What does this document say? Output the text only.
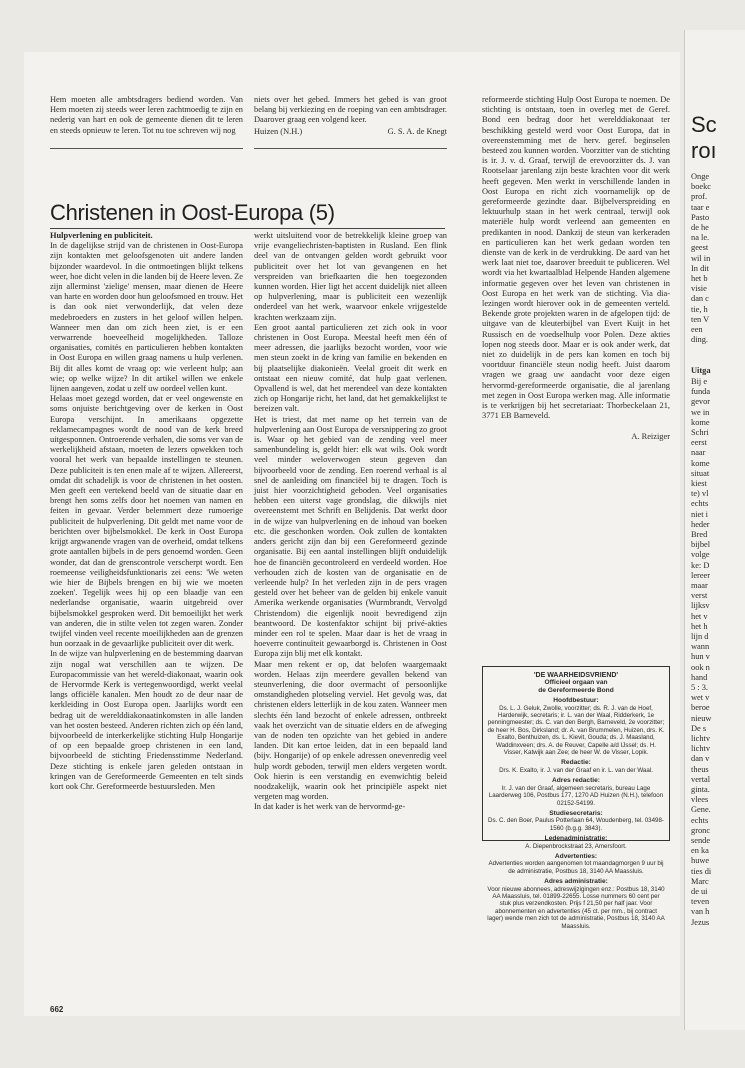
Hem moeten alle ambtsdragers bediend worden. Van Hem moeten zij steeds weer leren zachtmoedig te zijn en nederig van hart en ook de gemeente dienen dit te leren en steeds opnieuw te leren. Tot nu toe schreven wij nog

niets over het gebed. Immers het gebed is van groot belang bij verkiezing en de roeping van een ambtsdrager. Daarover graag een volgend keer.

Huizen (N.H.)	G. S. A. de Knegt
Christenen in Oost-Europa (5)

Hulpverlening en publiciteit.

In de dagelijkse strijd van de christenen in Oost-Europa zijn kontakten met geloofsgenoten uit andere landen bijzonder waardevol. In die ontmoetingen blijkt telkens weer, hoe dicht velen in die landen bij de Heere leven. Ze zijn allerminst 'zielige' mensen, maar dienen de Heere van harte en worden door hun geloofsmoed en trouw. Het is dan ook niet verwonderlijk, dat velen deze medebroeders en zusters in het geloof willen helpen. Wanneer men dan om zich heen ziet, is er een verwarrende hoeveelheid mogelijkheden. Talloze organisaties, comités en particulieren hebben kontakten in Oost Europa en willen graag namens u hulp verlenen. Bij dit alles komt de vraag op: wie verleent hulp; aan wie; op welke wijze? In dit artikel willen we enkele lijnen aangeven, zodat u zelf uw oordeel vellen kunt.

Helaas moet gezegd worden, dat er veel ongewenste en soms onjuiste berichtgeving over de kerken in Oost Europa verschijnt. In amerikaans opgezette reklamecampagnes wordt de nood van de kerk breed uitgesponnen. Ontroerende verhalen, die soms ver van de werkelijkheid afstaan, moeten de lezers opwekken toch vooral het werk van bepaalde instellingen te steunen. Deze publiciteit is ten enen male af te wijzen. Allereerst, omdat dit schadelijk is voor de christenen in het oosten. Men geeft een vertekend beeld van de situatie daar en brengt hen soms zelfs door het noemen van namen en feiten in gevaar. Verder belemmert deze rumoerige publiciteit de hulpverlening. Dit geldt met name voor de berichten over bijbelsmokkel. De kerk in Oost Europa krijgt argwanende vragen van de overheid, omdat telkens grote aantallen bijbels in de pers genoemd worden. Geen wonder, dat dan de grenscontrole verscherpt wordt. Een roemeense veiligheidsfunktionaris zei eens: 'We weten wie hier de Bijbels brengen en bij wie we moeten zoeken'. Tegelijk wees hij op een blaadje van een nederlandse organisatie, waarin uitgebreid over bijbelsmokkel gesproken werd. Dit bemoeilijkt het werk van anderen, die in stilte velen tot zegen waren. Zonder twijfel vinden veel recente moeilijkheden aan de grenzen hun oorzaak in de gevaarlijke publiciteit over dit werk.

In de wijze van hulpverlening en de bestemming daarvan zijn nogal wat verschillen aan te wijzen. De Europacommissie van het wereld-diakonaat, waarin ook de Hervormde Kerk is vertegenwoordigd, werkt veelal langs officiële kanalen. Men houdt zo de deur naar de kerkleiding in Oost Europa open. Jaarlijks wordt een bedrag uit de werelddiakonaatinkomsten in alle landen van het oosten besteed. Anderen richten zich op één land, bijvoorbeeld de interkerkelijke stichting Hulp Hongarije of op een bepaalde groep christenen in een land, bijvoorbeeld de stichting Friedensstimme Nederland. Deze stichting is enkele jaren geleden ontstaan in kringen van de Gereformeerde Gemeenten en telt sinds kort ook Chr. Gereformeerde bestuursleden. Men

werkt uitsluitend voor de betrekkelijk kleine groep van vrije evangeliechristen-baptisten in Rusland. Een flink deel van de ontvangen gelden wordt gebruikt voor publiciteit over het lot van gevangenen en het verspreiden van briefkaarten die hen toegezonden kunnen worden. Hier ligt het accent duidelijk niet alleen op hulpverlening, maar is publiciteit een wezenlijk onderdeel van het werk, waarvoor enkele vrijgestelde krachten werkzaam zijn.

Een groot aantal particulieren zet zich ook in voor christenen in Oost Europa. Meestal heeft men één of meer adressen, die jaarlijks bezocht worden, voor wie men steun zoekt in de kring van familie en bekenden en bij plaatselijke diakonieën. Veelal groeit dit werk en ontstaat een nieuw comité, dat hulp gaat verlenen. Opvallend is wel, dat het merendeel van deze kontakten zich op Hongarije richt, het land, dat het gemakkelijkst te bereizen valt.

Het is triest, dat met name op het terrein van de hulpverlening aan Oost Europa de versnippering zo groot is. Waar op het gebied van de zending veel meer samenbundeling is, geldt hier: elk wat wils. Ook wordt veel minder weloverwogen steun gegeven dan bijvoorbeeld voor de zending. Een roerend verhaal is al snel de aanleiding om financiëel bij te dragen. Toch is juist hier voorzichtigheid geboden. Veel organisaties hebben een uiterst vage grondslag, die dikwijls niet overeenstemt met Schrift en Belijdenis. Dat werkt door in de wijze van hulpverlening en de inhoud van boeken etc. die geschonken worden. Ook zullen de kontakten anders gericht zijn dan bij een Gereformeerd gezinde organisatie. Bij een aantal instellingen blijft onduidelijk hoe de financiën gecontroleerd en verdeeld worden. Hoe verhouden zich de kosten van de organisatie en de verleende hulp? In het verleden zijn in de pers vragen gesteld over het beheer van de gelden bij enkele vanuit Amerika werkende organisaties (Wurmbrandt, Vervolgd Christendom) die eigenlijk nooit bevredigend zijn beantwoord. De kostenfaktor schijnt bij privé-akties minder een rol te spelen. Maar daar is het de vraag in hoeverre continuïteit gewaarborgd is. Christenen in Oost Europa zijn blij met elk kontakt.

Maar men rekent er op, dat belofen waargemaakt worden. Helaas zijn meerdere gevallen bekend van steunverlening, die door overmacht of persoonlijke omstandigheden plotseling verviel. Het gevolg was, dat christenen elders letterlijk in de kou zaten. Wanneer men slechts één land bezocht of enkele adressen, ontbreekt vaak het overzicht van de situatie elders en de afweging van de noden ten opzichte van het gebied in andere landen. Dit kan ertoe leiden, dat in een bepaald land (bijv. Hongarije) of op enkele adressen onevenredig veel hulp wordt geboden, terwijl men elders vergeten wordt. Ook hierin is een verstandig en evenwichtig beleid noodzakelijk, waarin ook het principiële aspekt niet vergeten mag worden.

In dat kader is het werk van de hervormd-ge-

reformeerde stichting Hulp Oost Europa te noemen. De stichting is ontstaan, toen in overleg met de Geref. Bond een bedrag door het werelddiakonaat ter beschikking gesteld werd voor Oost Europa, dat in overeenstemming met de herv. geref. beginselen besteed zou kunnen worden. Voorzitter van de stichting is ir. J. v. d. Graaf, terwijl de erevoorzitter ds. J. van Rootselaar jarenlang zijn beste krachten voor dit werk heeft gegeven. Men werkt in verschillende landen in Oost Europa en richt zich voornamelijk op de gereformeerde gezindte daar. Bijbelverspreiding en lektuurhulp staan in het werk centraal, terwijl ook materiële hulp wordt verleend aan gemeenten en predikanten in nood. Dankzij de steun van kerkeraden en particulieren kan het werk gedaan worden ten dienste van de kerk in de verdrukking. De aard van het werk laat niet toe, daarover breeduit te publiceren. Wel wordt via het kwartaalblad Helpende Handen algemene informatie gegeven over het leven van christenen in Oost Europa en het werk van de stichting. Via dia-lezingen wordt hierover ook in de gemeenten verteld. Bekende grote projekten waren in de afgelopen tijd: de uitgave van de kleuterbijbel van Evert Kuijt in het Russisch en de voedselhulp voor Polen. Deze akties lopen nog steeds door. Maar er is ook ander werk, dat niet zo duidelijk in de pers kan komen en toch bij voortduur financiële steun nodig heeft. Juist daarom vragen we graag uw aandacht voor deze eigen hervormd-gereformeerde organisatie, die al jarenlang met zegen in Oost Europa werken mag. Alle informatie is te verkrijgen bij het secretariaat: Thorbeckelaan 21, 3771 EB Barneveld.

A. Reiziger

'DE WAARHEIDSVRIEND'

Officieel orgaan van

de Gereformeerde Bond

Hoofdbestuur:

Ds. L. J. Geluk, Zwolle, voorzitter; ds. R. J. van de Hoef, Harderwijk, secretaris; ir. L. van der Waal, Ridderkerk, 1e penningmeester; ds. C. van den Bergh, Barneveld, 2e voorzitter; de heer H. Bos, Dirksland; dr. A. van Brummelen, Huizen, drs. K. Exalto, Benthuizen, ds. L. Kievit, Gouda; ds. J. Maasland, Waddinxveen; drs. A. de Reuver, Capelle a/d IJssel; ds. H. Visser, Katwijk aan Zee; de heer W. de Visser, Lopik.

Redactie:

Drs. K. Exalto, ir. J. van der Graaf en ir. L. van der Waal.

Adres redactie:

Ir. J. van der Graaf, algemeen secretaris, bureau Lage Laarderweg 106, Postbus 177, 1270 AD Huizen (N.H.), telefoon 02152-54199.

Studiesecretaris:

Ds. C. den Boer, Paulus Potterlaan 64, Woudenberg, tel. 03498-1560 (b.g.g. 3843).

Ledenadministratie:

A. Diepenbrockstraat 23, Amersfoort.

Advertenties:

Advertenties worden aangenomen tot maandagmorgen 9 uur bij de administratie, Postbus 18, 3140 AA Maassluis.

Adres administratie:

Voor nieuwe abonnees, adreswijzigingen enz.: Postbus 18, 3140 AA Maassluis, tel. 01899-22655. Losse nummers 60 cent per stuk plus verzendkosten. Prijs f 21,50 per half jaar. Voor abonnementen en advertenties (45 ct. per mm., bij contract lager) wende men zich tot de administratie, Postbus 18, 3140 AA Maassluis.

662
Sc
roı
Onge
boekc
prof.
taar e
Pasto
de he
na le.
geest
wil in
In dit
het b
visie
dan c
tie, h
ten V
een
ding.
Uitga
Bij e
funda
gevor
we in
kome
Schri
eerst
naar
kome
situat
kiest
te) vl
echts
niet i
heder
Bred
bijbel
volge
ke: D
lereer
maar
verst
lijksv
het v
het h
lijn d
wann
hun v
ook n
hand
5 : 3.
wet v
beroe
nieuw
De s
lichtv
lichtv
dan v
theus
vertal
ginta.
vlees
Gene.
echts
gronc
sende
en ka
huwe
ties di
Marc
de ui
teven
van h
Jezus
